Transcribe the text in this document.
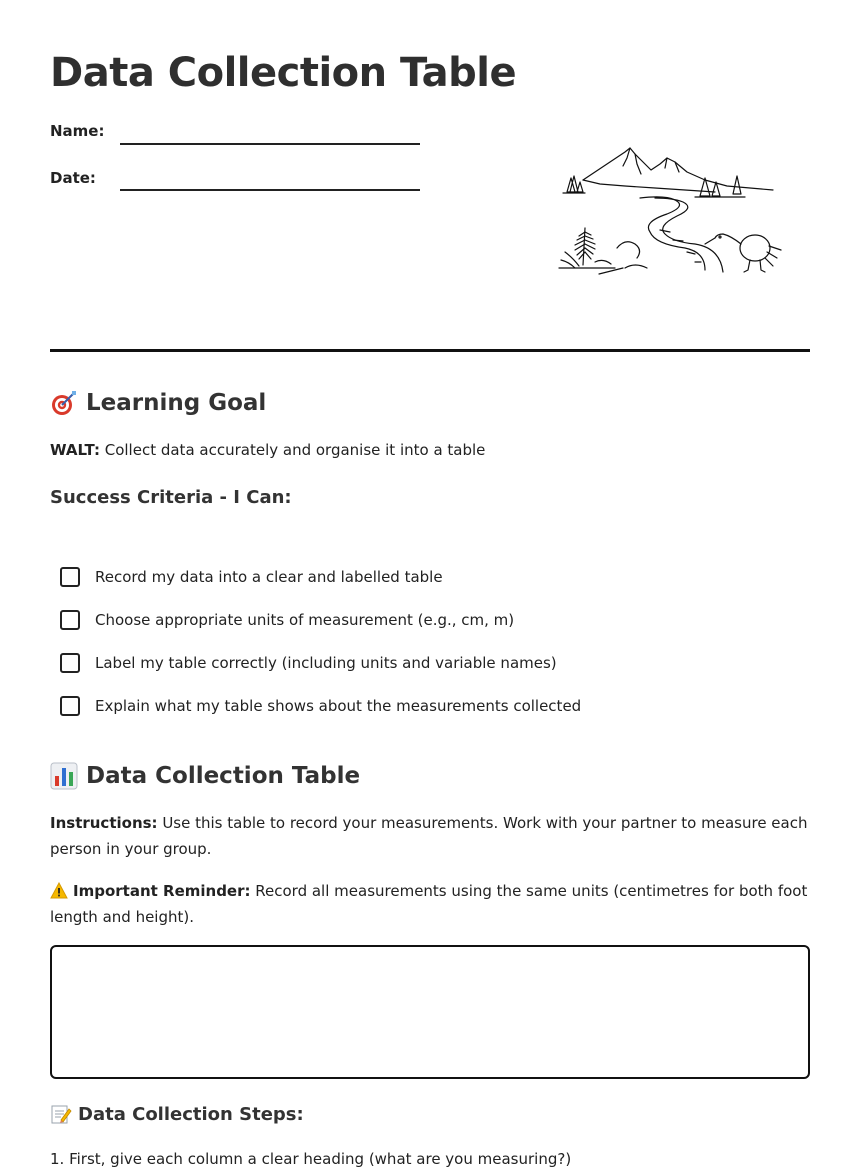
Data Collection Table
Name:
Date:
Learning Goal

WALT: Collect data accurately and organise it into a table

Success Criteria - I Can:
Record my data into a clear and labelled table
Choose appropriate units of measurement (e.g., cm, m)
Label my table correctly (including units and variable names)
Explain what my table shows about the measurements collected
Data Collection Table

Instructions: Use this table to record your measurements. Work with your partner to measure each person in your group.

Important Reminder: Record all measurements using the same units (centimetres for both foot length and height).

Data Collection Steps:

1. First, give each column a clear heading (what are you measuring?)
